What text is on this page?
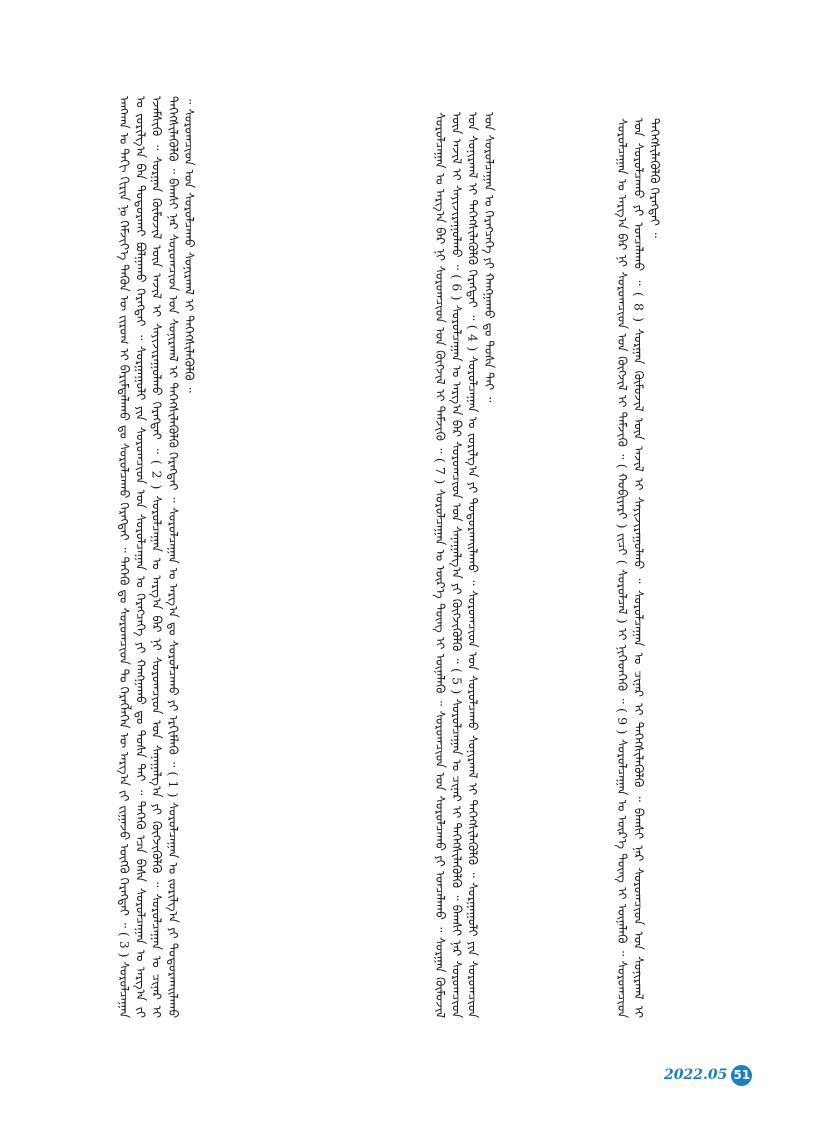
ᠠᠩᠬᠠᠨ ᠤ ᠳᠡᠬᠢ ᠬᠢᠷᠢᠨ ᠨᠤ ᠬᠡᠮᠵᠢᠶ᠎ᠡ ᠲᠡᠭᠦᠨ ᠦ ᠵᠢᠷᠤᠭ ᠢ ᠪᠠᠷᠢᠮᠲᠠᠯᠠᠬᠤ ᠳᠤ ᠰᠤᠷᠤᠯᠴᠠᠬᠤ ᠬᠡᠷᠡᠭᠲᠡᠢ ᠃ ᠲᠡᠭᠡᠬᠦ ᠳᠤ ᠰᠤᠷᠤᠭᠴᠢᠳ ᠲᠤ ᠬᠡᠷᠡᠭᠯᠡᠭᠡᠨ ᠦ ᠠᠷᠭ᠎ᠠ ᠵᠢ ᠵᠢᠭᠠᠵᠤ ᠥᠭᠬᠦ ᠬᠡᠷᠡᠭᠲᠡᠢ ᠃ ( 3 ) ᠰᠤᠷᠤᠯᠴᠠᠭᠠᠨ ᠤ ᠵᠣᠷᠢᠯᠭ᠎ᠠ ᠪᠠᠨ ᠲᠣᠳᠤᠷᠬᠠᠢ ᠪᠣᠯᠭᠠᠬᠤ ᠬᠡᠷᠡᠭᠲᠡᠢ ᠃ ᠰᠤᠷᠭᠠᠭᠤᠯᠢ ᠶᠢᠨ ᠰᠤᠷᠤᠭᠴᠢᠳ ᠤᠨ ᠰᠤᠷᠤᠯᠴᠠᠭᠠᠨ ᠤ ᠬᠡᠷᠡᠭᠴᠡᠭᠡ ᠶᠢ ᠬᠠᠩᠭᠠᠬᠤ ᠳᠤ ᠲᠤᠰᠠ ᠲᠠᠢ ᠃ ᠲᠡᠭᠡᠬᠦ ᠡᠴᠡ ᠪᠠᠰᠠ ᠰᠤᠷᠤᠯᠴᠠᠭᠠᠨ ᠤ ᠠᠷᠭ᠎ᠠ ᠵᠢ ᠡᠵᠡᠮᠰᠢᠬᠦ ᠃ ᠰᠤᠷᠭᠠᠨ ᠬᠦᠮᠦᠵᠢᠯ ᠦᠨ ᠠᠵᠢᠯ ᠢ ᠰᠠᠶᠢᠵᠢᠷᠠᠭᠤᠯᠬᠤ ᠬᠡᠷᠡᠭᠲᠡᠢ ᠃ ( 2 ) ᠰᠤᠷᠤᠯᠴᠠᠭᠠᠨ ᠤ ᠠᠷᠭ᠎ᠠ ᠪᠠᠷ ᠨᠢ ᠰᠤᠷᠤᠭᠴᠢᠳ ᠤᠨ ᠰᠠᠨᠠᠭᠠᠯᠭ᠎ᠠ ᠶᠢ ᠬᠥᠭᠵᠢᠭᠦᠯᠬᠦ ᠃ ᠰᠤᠷᠤᠯᠴᠠᠭᠠᠨ ᠤ ᠴᠢᠨᠠᠷ ᠢ ᠳᠡᠭᠡᠭᠰᠢᠯᠡᠭᠦᠯᠬᠦ ᠃ ᠪᠠᠭᠰᠢ ᠨᠠᠷ ᠰᠤᠷᠤᠭᠴᠢᠳ ᠤᠨ ᠰᠣᠨᠢᠷᠬᠠᠯ ᠢ ᠳᠡᠭᠡᠭᠰᠢᠯᠡᠭᠦᠯᠬᠦ ᠬᠡᠷᠡᠭᠲᠡᠢ ᠃ ᠰᠤᠷᠤᠯᠴᠠᠭᠠᠨ ᠤ ᠠᠷᠭ᠎ᠠ ᠳᠤ ᠰᠤᠷᠤᠯᠴᠠᠬᠤ ᠶᠢ ᠡᠷᠬᠢᠮᠯᠡᠬᠦ ᠃ ( 1 ) ᠰᠤᠷᠤᠯᠴᠠᠭᠠᠨ ᠤ ᠵᠣᠷᠢᠯᠭ᠎ᠠ ᠶᠢ ᠲᠣᠳᠤᠷᠬᠠᠢᠯᠠᠬᠤ ᠃ ᠰᠤᠷᠤᠭᠴᠢᠳ ᠤᠨ ᠰᠤᠷᠤᠯᠴᠠᠬᠤ ᠰᠤᠨᠢᠷᠬᠠᠯ ᠢ ᠳᠡᠭᠡᠭᠰᠢᠯᠡᠭᠦᠯᠬᠦ ᠃	ᠰᠤᠷᠤᠯᠴᠠᠭᠠᠨ ᠤ ᠠᠷᠭ᠎ᠠ ᠪᠠᠷ ᠨᠢ ᠰᠤᠷᠤᠭᠴᠢᠳ ᠤᠨ ᠬᠥᠭᠵᠢᠯ ᠢ ᠳᠡᠮᠵᠢᠬᠦ ᠃ ( 7 ) ᠰᠤᠷᠤᠯᠴᠠᠭᠠᠨ ᠤ ᠦᠷ᠎ᠡ ᠳᠦᠩ ᠢ ᠦᠨᠡᠯᠡᠬᠦ ᠃ ᠰᠤᠷᠤᠭᠴᠢᠳ ᠤᠨ ᠰᠤᠷᠤᠯᠴᠠᠬᠤ ᠶᠢ ᠣᠨᠴᠠᠯᠠᠬᠤ ᠃ ᠰᠤᠷᠭᠠᠨ ᠬᠦᠮᠦᠵᠢᠯ ᠦᠨ ᠠᠵᠢᠯ ᠢ ᠰᠠᠶᠢᠵᠢᠷᠠᠭᠤᠯᠬᠤ ᠃ ( 6 ) ᠰᠤᠷᠤᠯᠴᠠᠭᠠᠨ ᠤ ᠠᠷᠭ᠎ᠠ ᠪᠠᠷ ᠰᠤᠷᠤᠭᠴᠢᠳ ᠤᠨ ᠰᠠᠨᠠᠭᠠᠯᠭ᠎ᠠ ᠶᠢ ᠬᠥᠭᠵᠢᠭᠦᠯᠬᠦ ᠃ ( 5 ) ᠰᠤᠷᠤᠯᠴᠠᠭᠠᠨ ᠤ ᠴᠢᠨᠠᠷ ᠢ ᠳᠡᠭᠡᠭᠰᠢᠯᠡᠭᠦᠯᠬᠦ ᠃ ᠪᠠᠭᠰᠢ ᠨᠠᠷ ᠰᠤᠷᠤᠭᠴᠢᠳ ᠤᠨ ᠰᠣᠨᠢᠷᠬᠠᠯ ᠢ ᠳᠡᠭᠡᠭᠰᠢᠯᠡᠭᠦᠯᠬᠦ ᠬᠡᠷᠡᠭᠲᠡᠢ ᠃ ( 4 ) ᠰᠤᠷᠤᠯᠴᠠᠭᠠᠨ ᠤ ᠵᠣᠷᠢᠯᠭ᠎ᠠ ᠶᠢ ᠲᠣᠳᠤᠷᠬᠠᠢᠯᠠᠬᠤ ᠃ ᠰᠤᠷᠤᠭᠴᠢᠳ ᠤᠨ ᠰᠤᠷᠤᠯᠴᠠᠬᠤ ᠰᠤᠨᠢᠷᠬᠠᠯ ᠢ ᠳᠡᠭᠡᠭᠰᠢᠯᠡᠭᠦᠯᠬᠦ ᠃ ᠰᠤᠷᠭᠠᠭᠤᠯᠢ ᠶᠢᠨ ᠰᠤᠷᠤᠭᠴᠢᠳ ᠤᠨ ᠰᠤᠷᠤᠯᠴᠠᠭᠠᠨ ᠤ ᠬᠡᠷᠡᠭᠴᠡᠭᠡ ᠶᠢ ᠬᠠᠩᠭᠠᠬᠤ ᠳᠤ ᠲᠤᠰᠠ ᠲᠠᠢ ᠃	ᠰᠤᠷᠤᠯᠴᠠᠭᠠᠨ ᠤ ᠠᠷᠭ᠎ᠠ ᠪᠠᠷ ᠨᠢ ᠰᠤᠷᠤᠭᠴᠢᠳ ᠤᠨ ᠬᠥᠭᠵᠢᠯ ᠢ ᠳᠡᠮᠵᠢᠬᠦ ᠃ ( ᠬᠤᠪᠢᠶᠠᠷᠢ ) ᠵᠢᠴᠢ ( ᠰᠤᠷᠤᠯᠴᠠᠯ ) ᠢ ᠨᠢᠭᠡᠳᠬᠡᠬᠦ ᠃ ( 9 ) ᠰᠤᠷᠤᠯᠴᠠᠭᠠᠨ ᠤ ᠦᠷ᠎ᠡ ᠳᠦᠩ ᠢ ᠦᠨᠡᠯᠡᠬᠦ ᠃ ᠰᠤᠷᠤᠭᠴᠢᠳ ᠤᠨ ᠰᠤᠷᠤᠯᠴᠠᠬᠤ ᠶᠢ ᠣᠨᠴᠠᠯᠠᠬᠤ ᠃ ( 8 ) ᠰᠤᠷᠭᠠᠨ ᠬᠦᠮᠦᠵᠢᠯ ᠦᠨ ᠠᠵᠢᠯ ᠢ ᠰᠠᠶᠢᠵᠢᠷᠠᠭᠤᠯᠬᠤ ᠃ ᠰᠤᠷᠤᠯᠴᠠᠭᠠᠨ ᠤ ᠴᠢᠨᠠᠷ ᠢ ᠳᠡᠭᠡᠭᠰᠢᠯᠡᠭᠦᠯᠬᠦ ᠃ ᠪᠠᠭᠰᠢ ᠨᠠᠷ ᠰᠤᠷᠤᠭᠴᠢᠳ ᠤᠨ ᠰᠣᠨᠢᠷᠬᠠᠯ ᠢ ᠳᠡᠭᠡᠭᠰᠢᠯᠡᠭᠦᠯᠬᠦ ᠬᠡᠷᠡᠭᠲᠡᠢ ᠃
2022.05 51
